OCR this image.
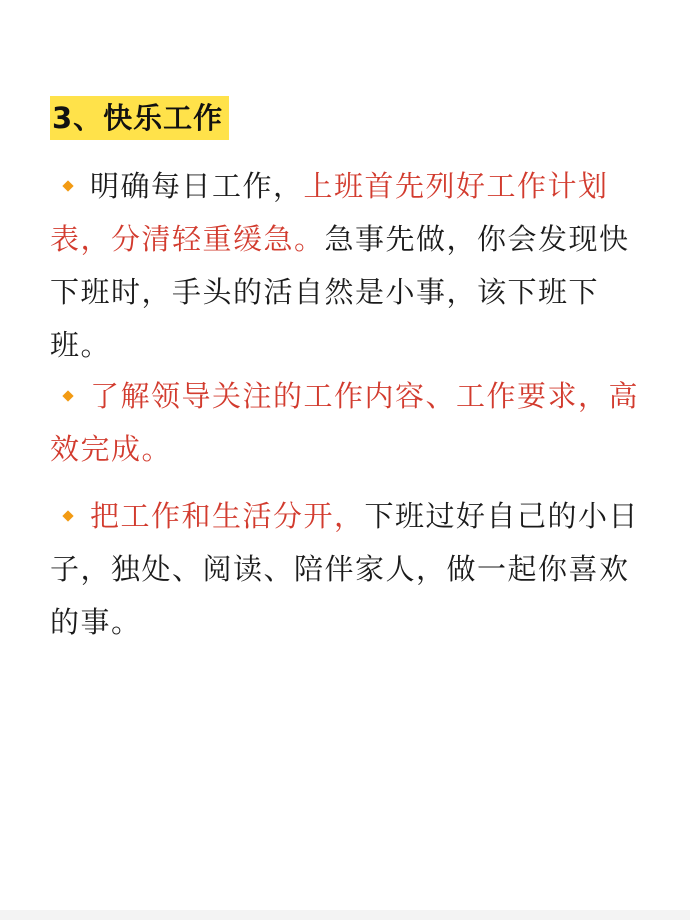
3、快乐工作
明确每日工作，上班首先列好工作计划表，分清轻重缓急。急事先做，你会发现快下班时，手头的活自然是小事，该下班下班。
了解领导关注的工作内容、工作要求，高 效完成。
把工作和生活分开，下班过好自己的小日子，独处、阅读、陪伴家人，做一起你喜欢的事。
